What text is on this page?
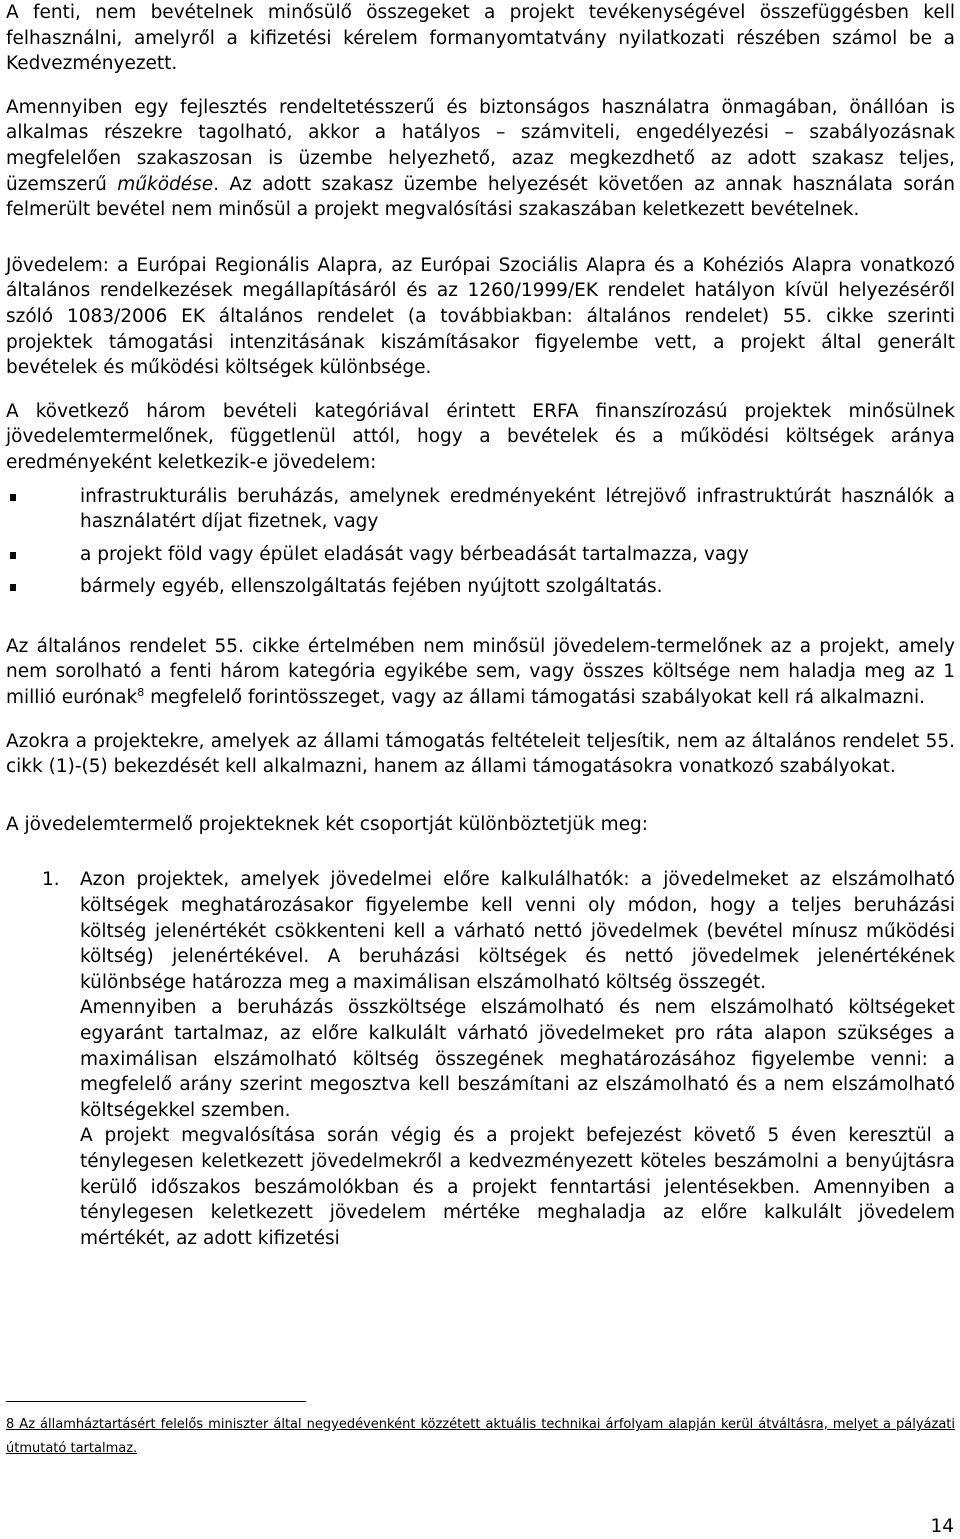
A fenti, nem bevételnek minősülő összegeket a projekt tevékenységével összefüggésben kell felhasználni, amelyről a kifizetési kérelem formanyomtatvány nyilatkozati részében számol be a Kedvezményezett.

Amennyiben egy fejlesztés rendeltetésszerű és biztonságos használatra önmagában, önállóan is alkalmas részekre tagolható, akkor a hatályos – számviteli, engedélyezési – szabályozásnak megfelelően szakaszosan is üzembe helyezhető, azaz megkezdhető az adott szakasz teljes, üzemszerű működése. Az adott szakasz üzembe helyezését követően az annak használata során felmerült bevétel nem minősül a projekt megvalósítási szakaszában keletkezett bevételnek.

Jövedelem: a Európai Regionális Alapra, az Európai Szociális Alapra és a Kohéziós Alapra vonatkozó általános rendelkezések megállapításáról és az 1260/1999/EK rendelet hatályon kívül helyezéséről szóló 1083/2006 EK általános rendelet (a továbbiakban: általános rendelet) 55. cikke szerinti projektek támogatási intenzitásának kiszámításakor figyelembe vett, a projekt által generált bevételek és működési költségek különbsége.

A következő három bevételi kategóriával érintett ERFA finanszírozású projektek minősülnek jövedelemtermelőnek, függetlenül attól, hogy a bevételek és a működési költségek aránya eredményeként keletkezik-e jövedelem:

infrastrukturális beruházás, amelynek eredményeként létrejövő infrastruktúrát használók a használatért díjat fizetnek, vagy
a projekt föld vagy épület eladását vagy bérbeadását tartalmazza, vagy
bármely egyéb, ellenszolgáltatás fejében nyújtott szolgáltatás.

Az általános rendelet 55. cikke értelmében nem minősül jövedelem-termelőnek az a projekt, amely nem sorolható a fenti három kategória egyikébe sem, vagy összes költsége nem haladja meg az 1 millió eurónak$^8$ megfelelő forintösszeget, vagy az állami támogatási szabályokat kell rá alkalmazni.

Azokra a projektekre, amelyek az állami támogatás feltételeit teljesítik, nem az általános rendelet 55. cikk (1)-(5) bekezdését kell alkalmazni, hanem az állami támogatásokra vonatkozó szabályokat.

A jövedelemtermelő projekteknek két csoportját különböztetjük meg:

1. Azon projektek, amelyek jövedelmei előre kalkulálhatók: a jövedelmeket az elszámolható költségek meghatározásakor figyelembe kell venni oly módon, hogy a teljes beruházási költség jelenértékét csökkenteni kell a várható nettó jövedelmek (bevétel mínusz működési költség) jelenértékével. A beruházási költségek és nettó jövedelmek jelenértékének különbsége határozza meg a maximálisan elszámolható költség összegét.

Amennyiben a beruházás összköltsége elszámolható és nem elszámolható költségeket egyaránt tartalmaz, az előre kalkulált várható jövedelmeket pro ráta alapon szükséges a maximálisan elszámolható költség összegének meghatározásához figyelembe venni: a megfelelő arány szerint megosztva kell beszámítani az elszámolható és a nem elszámolható költségekkel szemben.

A projekt megvalósítása során végig és a projekt befejezést követő 5 éven keresztül a ténylegesen keletkezett jövedelmekről a kedvezményezett köteles beszámolni a benyújtásra kerülő időszakos beszámolókban és a projekt fenntartási jelentésekben. Amennyiben a ténylegesen keletkezett jövedelem mértéke meghaladja az előre kalkulált jövedelem mértékét, az adott kifizetési

8 Az államháztartásért felelős miniszter által negyedévenként közzétett aktuális technikai árfolyam alapján kerül átváltásra, melyet a pályázati útmutató tartalmaz.
14
